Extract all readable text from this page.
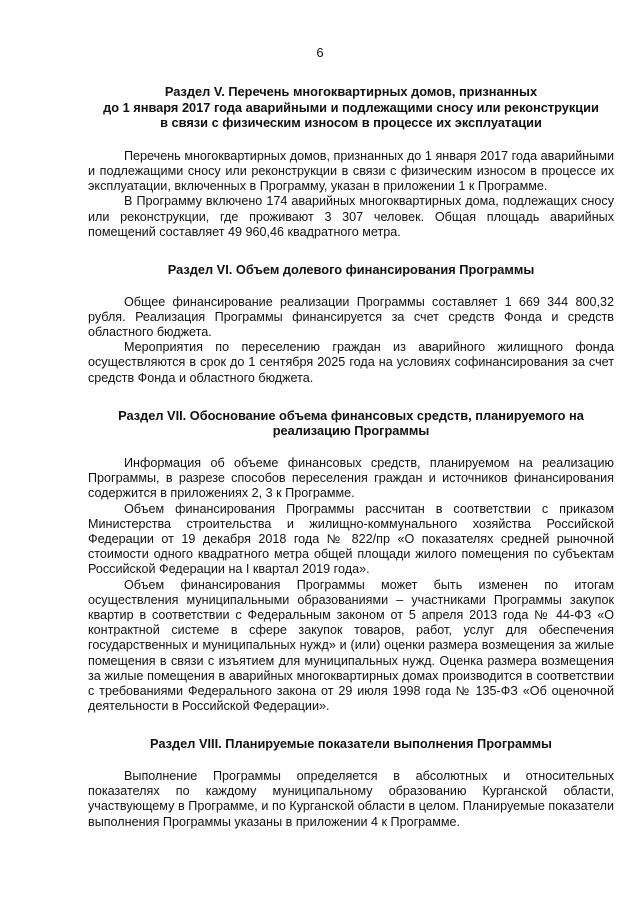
6
Раздел V. Перечень многоквартирных домов, признанных
до 1 января 2017 года аварийными и подлежащими сносу или реконструкции
в связи с физическим износом в процессе их эксплуатации

Перечень многоквартирных домов, признанных до 1 января 2017 года аварийными и подлежащими сносу или реконструкции в связи с физическим износом в процессе их эксплуатации, включенных в Программу, указан в приложении 1 к Программе.

В Программу включено 174 аварийных многоквартирных дома, подлежащих сносу или реконструкции, где проживают 3 307 человек. Общая площадь аварийных помещений составляет 49 960,46 квадратного метра.

Раздел VI. Объем долевого финансирования Программы

Общее финансирование реализации Программы составляет 1 669 344 800,32 рубля. Реализация Программы финансируется за счет средств Фонда и средств областного бюджета.

Мероприятия по переселению граждан из аварийного жилищного фонда осуществляются в срок до 1 сентября 2025 года на условиях софинансирования за счет средств Фонда и областного бюджета.

Раздел VII. Обоснование объема финансовых средств, планируемого на
реализацию Программы

Информация об объеме финансовых средств, планируемом на реализацию Программы, в разрезе способов переселения граждан и источников финансирования содержится в приложениях 2, 3 к Программе.

Объем финансирования Программы рассчитан в соответствии с приказом Министерства строительства и жилищно-коммунального хозяйства Российской Федерации от 19 декабря 2018 года № 822/пр «О показателях средней рыночной стоимости одного квадратного метра общей площади жилого помещения по субъектам Российской Федерации на I квартал 2019 года».

Объем финансирования Программы может быть изменен по итогам осуществления муниципальными образованиями – участниками Программы закупок квартир в соответствии с Федеральным законом от 5 апреля 2013 года № 44-ФЗ «О контрактной системе в сфере закупок товаров, работ, услуг для обеспечения государственных и муниципальных нужд» и (или) оценки размера возмещения за жилые помещения в связи с изъятием для муниципальных нужд. Оценка размера возмещения за жилые помещения в аварийных многоквартирных домах производится в соответствии с требованиями Федерального закона от 29 июля 1998 года № 135-ФЗ «Об оценочной деятельности в Российской Федерации».

Раздел VIII. Планируемые показатели выполнения Программы

Выполнение Программы определяется в абсолютных и относительных показателях по каждому муниципальному образованию Курганской области, участвующему в Программе, и по Курганской области в целом. Планируемые показатели выполнения Программы указаны в приложении 4 к Программе.
